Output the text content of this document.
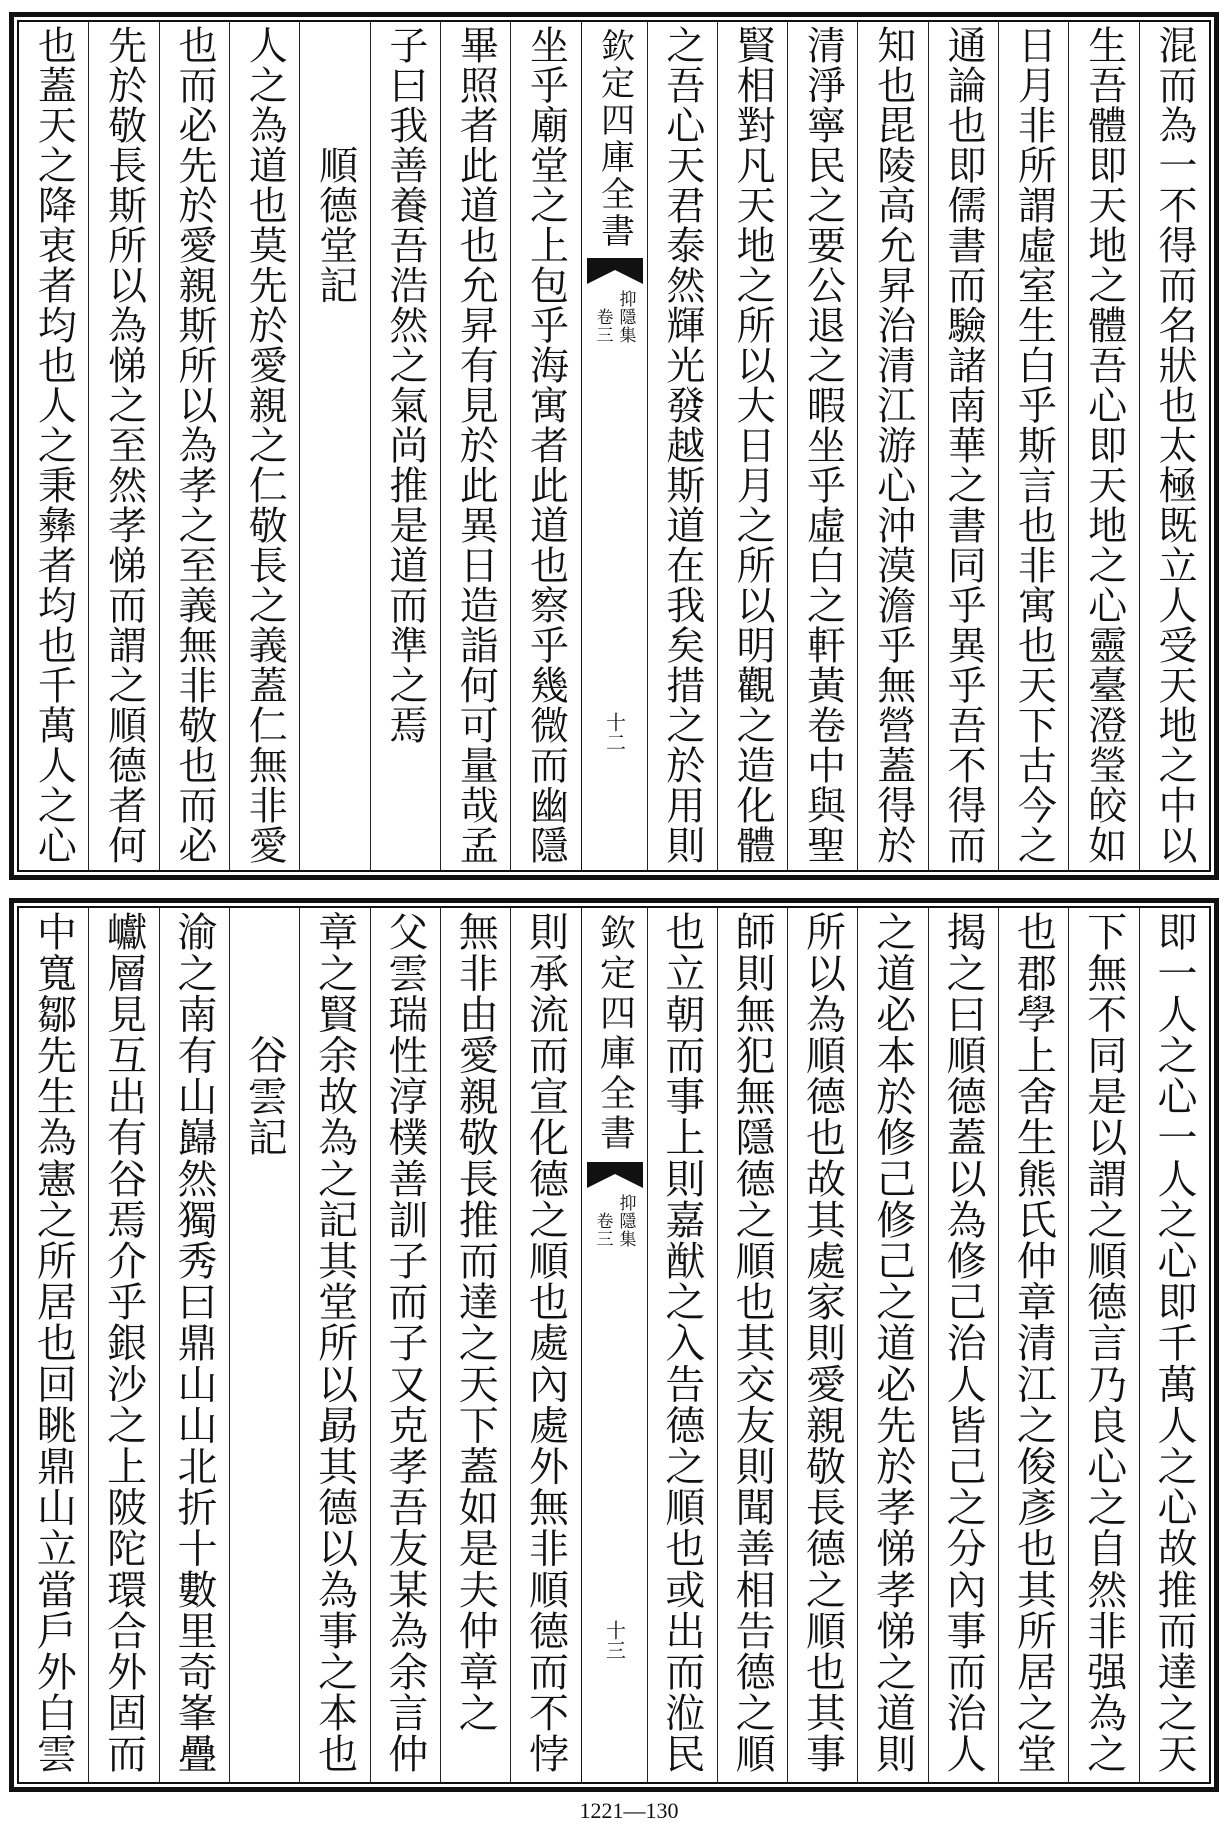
混而為一不得而名狀也太極既立人受天地之中以
生吾體即天地之體吾心即天地之心靈臺澄瑩皎如
日月非所謂虛室生白乎斯言也非寓也天下古今之
通論也即儒書而驗諸南華之書同乎異乎吾不得而
知也毘陵高允昇治清江游心沖漠澹乎無營蓋得於
清淨寧民之要公退之暇坐乎虛白之軒黃卷中與聖
賢相對凡天地之所以大日月之所以明觀之造化體
之吾心天君泰然輝光發越斯道在我矣措之於用則
欽定四庫全書
抑隱集
卷三
十二
坐乎廟堂之上包乎海寓者此道也察乎幾微而幽隱
畢照者此道也允昇有見於此異日造詣何可量哉孟
子曰我善養吾浩然之氣尚推是道而準之焉
順德堂記
人之為道也莫先於愛親之仁敬長之義蓋仁無非愛
也而必先於愛親斯所以為孝之至義無非敬也而必
先於敬長斯所以為悌之至然孝悌而謂之順德者何
也蓋天之降衷者均也人之秉彝者均也千萬人之心
即一人之心一人之心即千萬人之心故推而達之天
下無不同是以謂之順德言乃良心之自然非强為之
也郡學上舍生熊氏仲章清江之俊彥也其所居之堂
揭之曰順德蓋以為修己治人皆己之分內事而治人
之道必本於修己修己之道必先於孝悌孝悌之道則
所以為順德也故其處家則愛親敬長德之順也其事
師則無犯無隱德之順也其交友則聞善相告德之順
也立朝而事上則嘉猷之入告德之順也或出而涖民
欽定四庫全書
抑隱集
卷三
十三
則承流而宣化德之順也處內處外無非順德而不悖
無非由愛親敬長推而達之天下蓋如是夫仲章之
父雲瑞性淳樸善訓子而子又克孝吾友某為余言仲
章之賢余故為之記其堂所以勗其德以為事之本也
谷雲記
渝之南有山巋然獨秀曰鼎山山北折十數里奇峯疊
巘層見互出有谷焉介乎銀沙之上陂陀環合外固而
中寬鄒先生為憲之所居也回眺鼎山立當戶外白雲
1221—130
